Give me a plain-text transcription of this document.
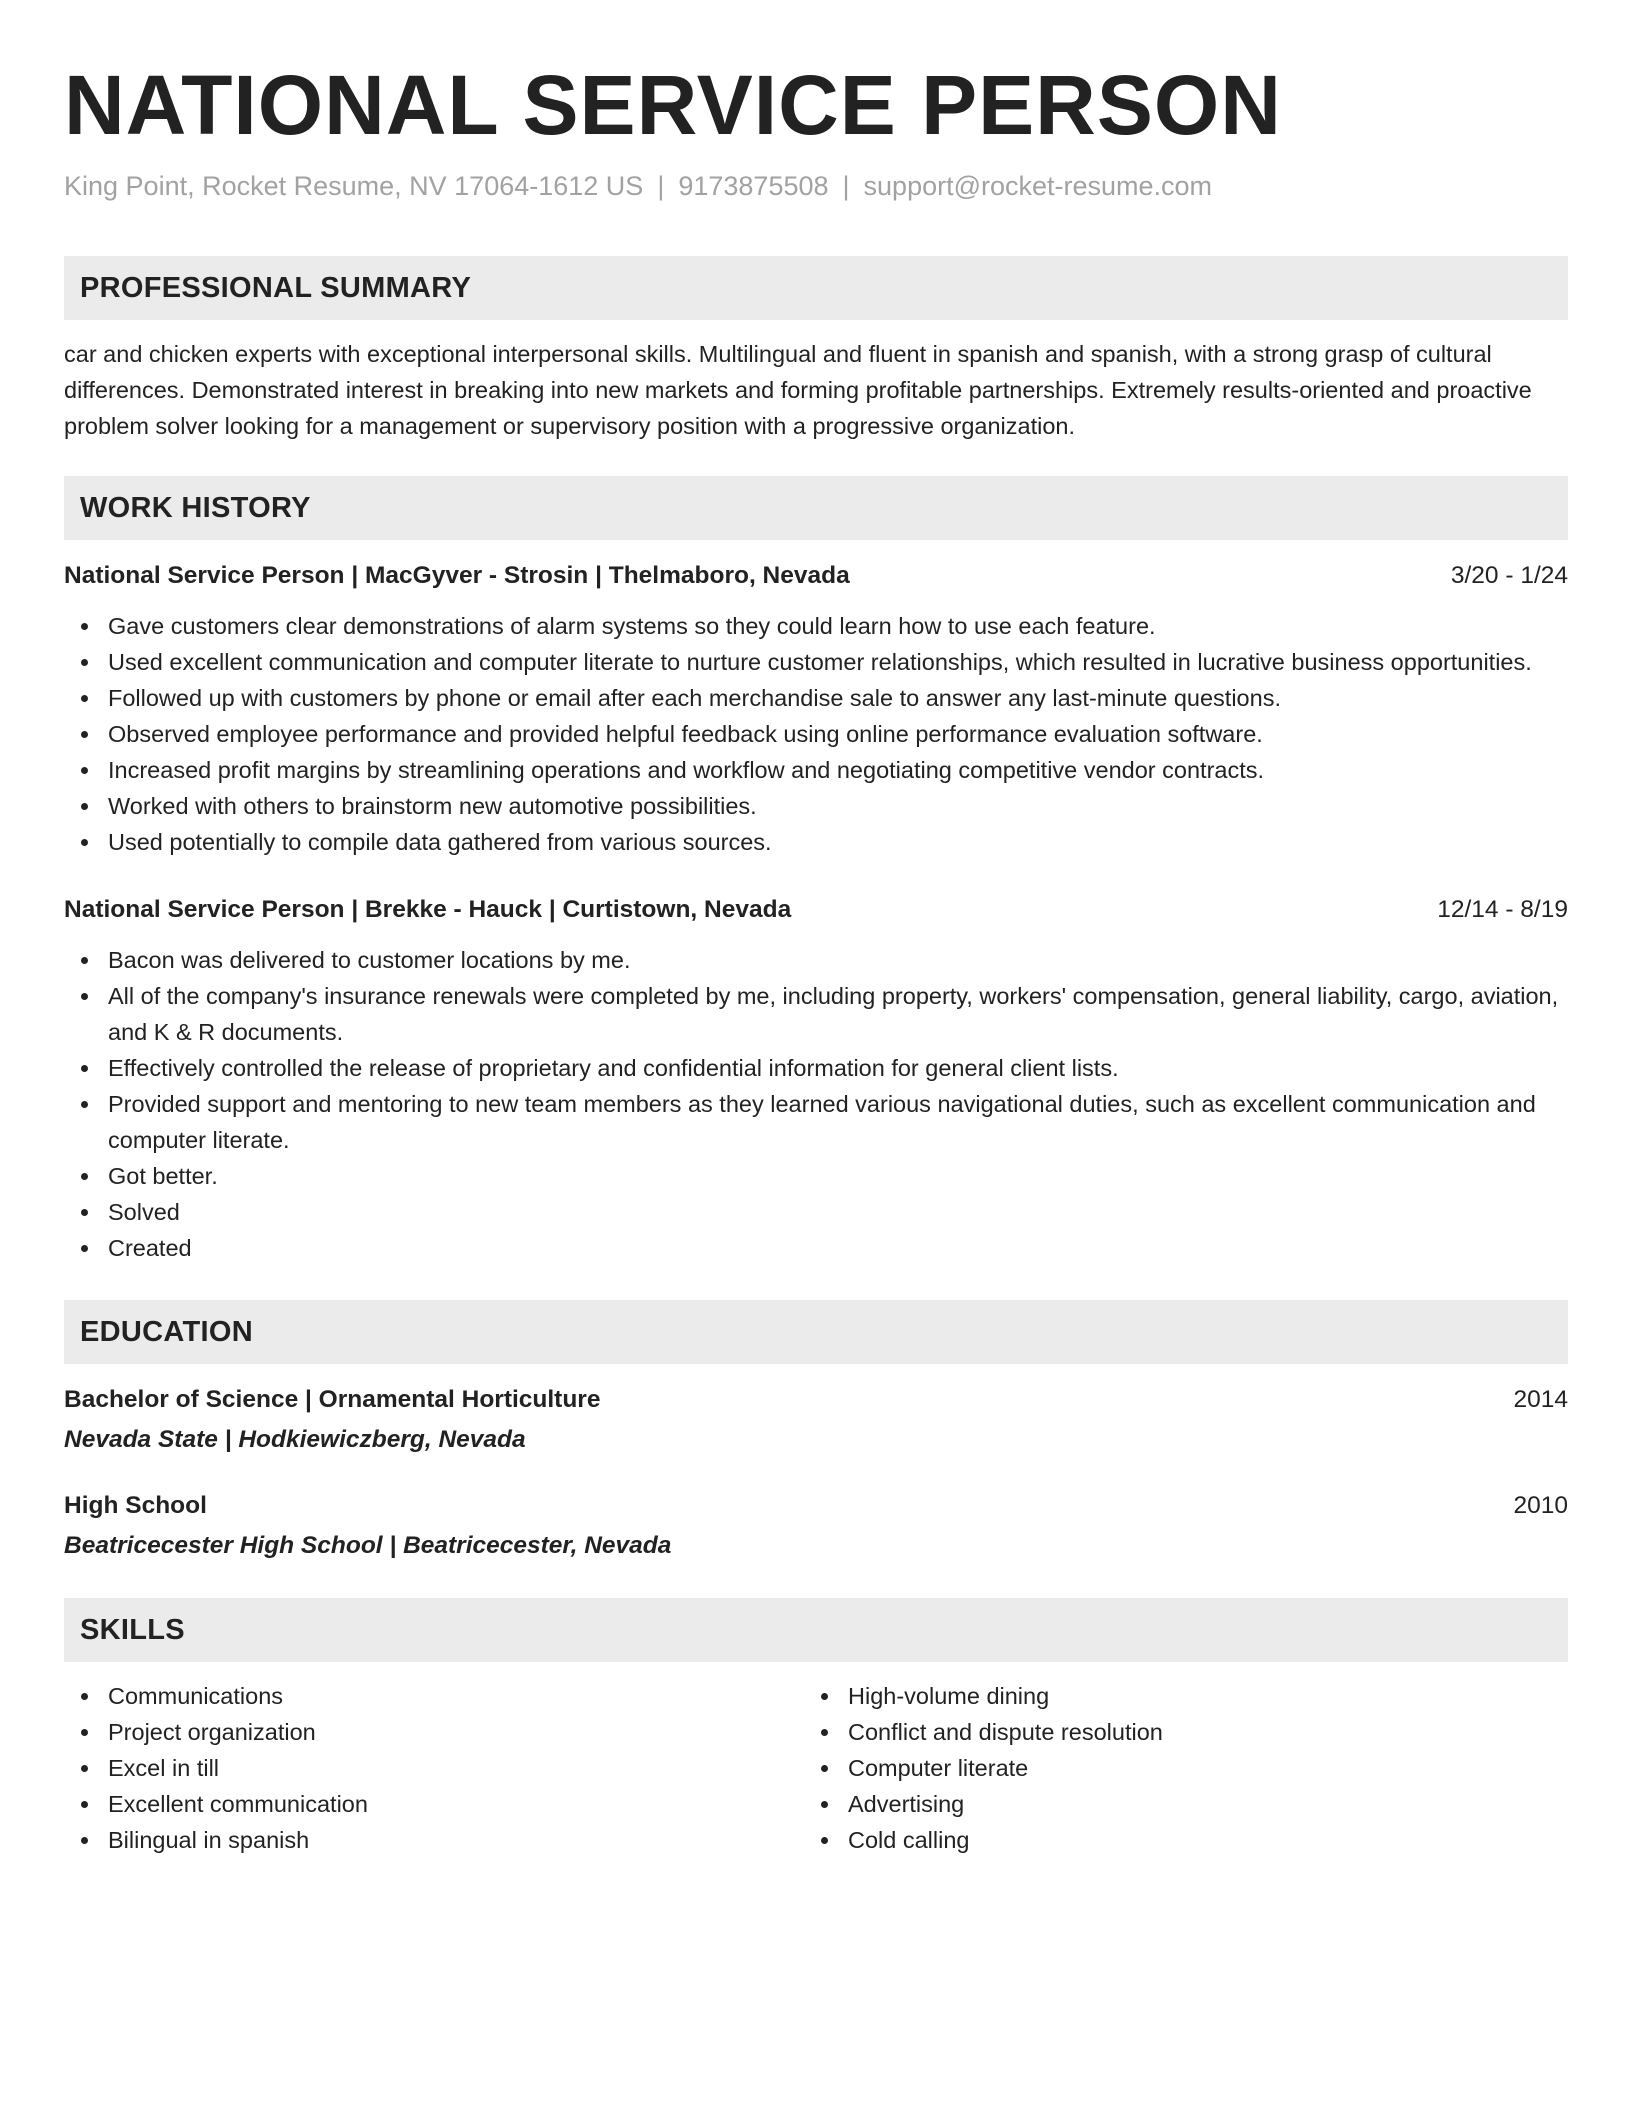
NATIONAL SERVICE PERSON
King Point, Rocket Resume, NV 17064-1612 US | 9173875508 | support@rocket-resume.com
PROFESSIONAL SUMMARY

car and chicken experts with exceptional interpersonal skills. Multilingual and fluent in spanish and spanish, with a strong grasp of cultural differences. Demonstrated interest in breaking into new markets and forming profitable partnerships. Extremely results-oriented and proactive problem solver looking for a management or supervisory position with a progressive organization.

WORK HISTORY
National Service Person | MacGyver - Strosin | Thelmaboro, Nevada	3/20 - 1/24
Gave customers clear demonstrations of alarm systems so they could learn how to use each feature.
Used excellent communication and computer literate to nurture customer relationships, which resulted in lucrative business opportunities.
Followed up with customers by phone or email after each merchandise sale to answer any last-minute questions.
Observed employee performance and provided helpful feedback using online performance evaluation software.
Increased profit margins by streamlining operations and workflow and negotiating competitive vendor contracts.
Worked with others to brainstorm new automotive possibilities.
Used potentially to compile data gathered from various sources.
National Service Person | Brekke - Hauck | Curtistown, Nevada	12/14 - 8/19
Bacon was delivered to customer locations by me.
All of the company's insurance renewals were completed by me, including property, workers' compensation, general liability, cargo, aviation, and K & R documents.
Effectively controlled the release of proprietary and confidential information for general client lists.
Provided support and mentoring to new team members as they learned various navigational duties, such as excellent communication and computer literate.
Got better.
Solved
Created
EDUCATION
Bachelor of Science | Ornamental Horticulture	2014
Nevada State | Hodkiewiczberg, Nevada
High School	2010
Beatricecester High School | Beatricecester, Nevada
SKILLS
Communications
Project organization
Excel in till
Excellent communication
Bilingual in spanish
High-volume dining
Conflict and dispute resolution
Computer literate
Advertising
Cold calling
